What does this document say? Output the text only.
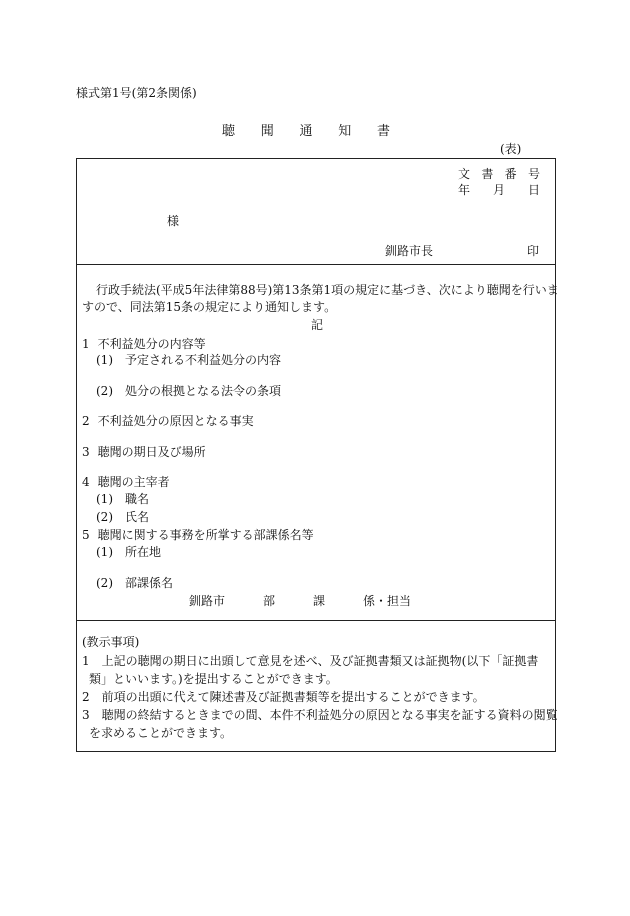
様式第1号(第2条関係)
聴 聞 通 知 書
(表)
文 書 番 号
年 月 日
様
釧路市長	印
行政手続法(平成5年法律第88号)第13条第1項の規定に基づき、次により聴聞を行いま
すので、同法第15条の規定により通知します。
記
1 不利益処分の内容等
(1) 予定される不利益処分の内容
(2) 処分の根拠となる法令の条項
2 不利益処分の原因となる事実
3 聴聞の期日及び場所
4 聴聞の主宰者
(1) 職名
(2) 氏名
5 聴聞に関する事務を所掌する部課係名等
(1) 所在地
(2) 部課係名
釧路市	部	課	係・担当
(教示事項)
1 上記の聴聞の期日に出頭して意見を述べ、及び証拠書類又は証拠物(以下「証拠書
類」といいます。)を提出することができます。
2 前項の出頭に代えて陳述書及び証拠書類等を提出することができます。
3 聴聞の終結するときまでの間、本件不利益処分の原因となる事実を証する資料の閲覧
を求めることができます。
